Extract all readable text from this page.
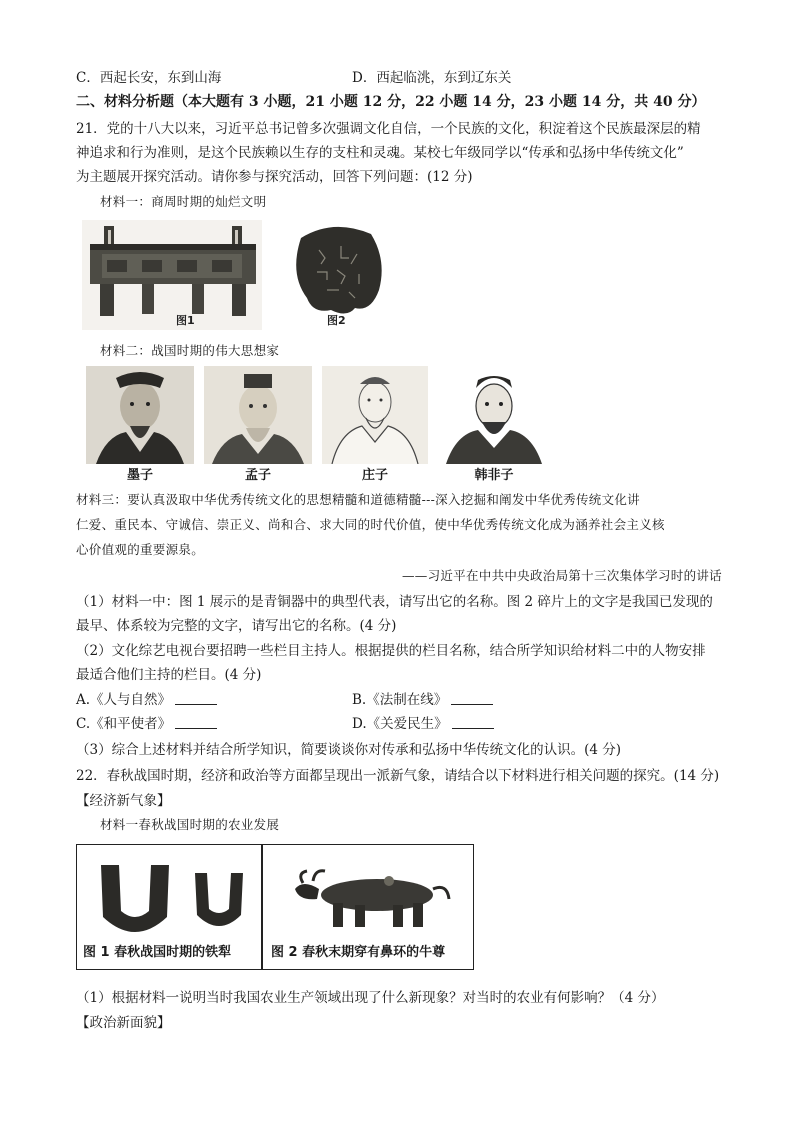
C．西起长安，东到山海	D．西起临洮，东到辽东关
二、材料分析题（本大题有 3 小题，21 小题 12 分，22 小题 14 分，23 小题 14 分，共 40 分）
21．党的十八大以来，习近平总书记曾多次强调文化自信，一个民族的文化，积淀着这个民族最深层的精
神追求和行为准则，是这个民族赖以生存的支柱和灵魂。某校七年级同学以“传承和弘扬中华传统文化”
为主题展开探究活动。请你参与探究活动，回答下列问题：(12 分)
材料一：商周时期的灿烂文明
图1	图2
材料二：战国时期的伟大思想家
墨子	孟子	庄子	韩非子
材料三：要认真汲取中华优秀传统文化的思想精髓和道德精髓---深入挖掘和阐发中华优秀传统文化讲
仁爱、重民本、守诚信、崇正义、尚和合、求大同的时代价值，使中华优秀传统文化成为涵养社会主义核
心价值观的重要源泉。
——习近平在中共中央政治局第十三次集体学习时的讲话
（1）材料一中：图 1 展示的是青铜器中的典型代表，请写出它的名称。图 2 碎片上的文字是我国已发现的
最早、体系较为完整的文字，请写出它的名称。(4 分)
（2）文化综艺电视台要招聘一些栏目主持人。根据提供的栏目名称，结合所学知识给材料二中的人物安排
最适合他们主持的栏目。(4 分)
A.《人与自然》	B.《法制在线》
C.《和平使者》	D.《关爱民生》
（3）综合上述材料并结合所学知识，简要谈谈你对传承和弘扬中华传统文化的认识。(4 分)
22．春秋战国时期，经济和政治等方面都呈现出一派新气象，请结合以下材料进行相关问题的探究。(14 分)
【经济新气象】
材料一春秋战国时期的农业发展
图 1 春秋战国时期的铁犁	图 2 春秋末期穿有鼻环的牛尊
（1）根据材料一说明当时我国农业生产领域出现了什么新现象？对当时的农业有何影响？（4 分）
【政治新面貌】
